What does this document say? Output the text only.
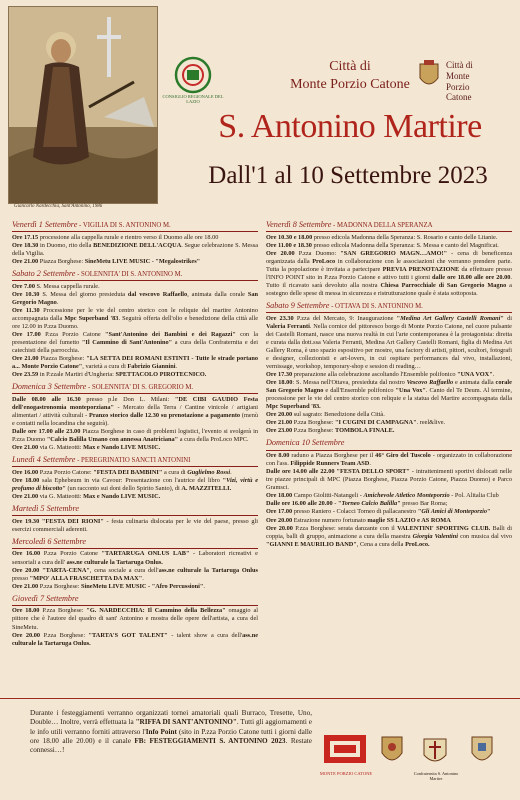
Giancarlo Nardecchia, Sant'Antonino, 1986
CONSIGLIO REGIONALE DEL LAZIO
Città di
Monte Porzio Catone
Città di
Monte
Porzio
Catone
S. Antonino Martire
Dall'1 al 10 Settembre 2023
Venerdì 1 Settembre - VIGILIA DI S. ANTONINO M.
Ore 17.15 processione alla cappella rurale e rientro verso il Duomo alle ore 18.00
Ore 18.30 in Duomo, rito della BENEDIZIONE DELL'ACQUA. Segue celebrazione S. Messa della Vigilia.
Ore 21.00 Piazza Borghese: SineMetu LIVE MUSIC - "Megalostrikes"
Sabato 2 Settembre - SOLENNITA' DI S. ANTONINO M.
Ore 7.00 S. Messa cappella rurale.
Ore 10.30 S. Messa del giorno presieduta dal vescovo Raffaello, animata dalla corale San Gregorio Magno.
Ore 11.30 Processione per le vie del centro storico con le reliquie del martire Antonino accompagnata dalla Mpc Superband '83. Seguirà offerta dell'olio e benedizione della città alle ore 12.00 in P.zza Duomo.
Ore 17.00 P.zza Porzio Catone "Sant'Antonino dei Bambini e dei Ragazzi" con la presentazione del fumetto "Il Cammino di Sant'Antonino" a cura della Confraternita e dei catechisti della parrocchia.
Ore 21.00 Piazza Borghese: "LA SETTA DEI ROMANI ESTINTI - Tutte le strade portano a... Monte Porzio Catone", varietà a cura di Fabrizio Giannini.
Ore 23.59 in P.zzale Martiri d'Ungheria: SPETTACOLO PIROTECNICO.
Domenica 3 Settembre - SOLENNITA' DI S. GREGORIO M.
Dalle 08.00 alle 16.30 presso p.le Don L. Milani: "DE CIBI GAUDIO Festa dell'enogastronomia monteporziana" - Mercato della Terra / Cantine vinicole / artigiani alimentari / attività culturali - Pranzo storico dalle 12.30 su prenotazione a pagamento (menù e contatti nella locandina che seguirà).
Dalle ore 17.00 alle 23.00 Piazza Borghese in caso di problemi logistici, l'evento si svolgerà in P.zza Duomo "Calcio Balilla Umano con annessa Anatriciana" a cura della ProLoco MPC.
Ore 21.00 via G. Matteotti: Max e Nando LIVE MUSIC.
Lunedì 4 Settembre - PEREGRINATIO SANCTI ANTONINI
Ore 16.00 P.zza Porzio Catone: "FESTA DEI BAMBINI" a cura di Guglielmo Rossi.
Ore 18.00 sala Ephebeum in via Cavour: Presentazione con l'autrice del libro "Vizi, virtù e profumo di biscotto" (un racconto sui doni dello Spirito Santo), di A. MAZZITELLI.
Ore 21.00 via G. Matteotti: Max e Nando LIVE MUSIC.
Martedì 5 Settembre
Ore 19.30 "FESTA DEI RIONI" - festa culinaria dislocata per le vie del paese, presso gli esercizi commerciali aderenti.
Mercoledì 6 Settembre
Ore 16.00 P.zza Porzio Catone "TARTARUGA ONLUS LAB" - Laboratori ricreativi e sensoriali a cura dell' ass.ne culturale la Tartaruga Onlus.
Ore 20.00 "TARTA-CENA", cena sociale a cura dell'ass.ne culturale la Tartaruga Onlus presso "MPO' ALLA FRASCHETTA DA MAX".
Ore 21.00 P.zza Borghese: SineMetu LIVE MUSIC - "Afro Percussioni".
Giovedì 7 Settembre
Ore 18.00 P.zza Borghese: "G. NARDECCHIA: Il Cammino della Bellezza" omaggio al pittore che è l'autore del quadro di sant' Antonino e mostra delle opere dell'artista, a cura del SineMetu.
Ore 20.00 P.zza Borghese: "TARTA'S GOT TALENT" - talent show a cura dell'ass.ne culturale la Tartaruga Onlus.
Venerdì 8 Settembre - MADONNA DELLA SPERANZA
Ore 10.30 e 18.00 presso edicola Madonna della Speranza: S. Rosario e canto delle Litanie.
Ore 11.00 e 18.30 presso edicola Madonna della Speranza: S. Messa e canto del Magnificat.
Ore 20.00 P.zza Duomo: "SAN GREGORIO MAGN…AMO!" - cena di beneficenza organizzata dalla ProLoco in collaborazione con le associazioni che vorranno prendere parte. Tutta la popolazione è invitata a partecipare PREVIA PRENOTAZIONE da effettuare presso l'INFO POINT sito in P.zza Porzio Catone e attivo tutti i giorni dalle ore 18.00 alle ore 20.00. Tutto il ricavato sarà devoluto alla nostra Chiesa Parrocchiale di San Gregorio Magno a sostegno delle spese di messa in sicurezza e ristrutturazione quale è stata sottoposta.
Sabato 9 Settembre - OTTAVA DI S. ANTONINO M.
Ore 23.30 P.zza del Mercato, 9: Inaugurazione "Medina Art Gallery Castelli Romani" di Valeria Ferranti. Nella cornice del pittoresco borgo di Monte Porzio Catone, nel cuore pulsante dei Castelli Romani, nasce una nuova realtà in cui l'arte contemporanea è la protagonista: diretta e curata dalla dott.ssa Valeria Ferranti, Medina Art Gallery Castelli Romani, figlia di Medina Art Gallery Roma, è uno spazio espositivo per mostre, una factory di artisti, pittori, scultori, fotografi e designer, collezionisti e art-lovers, in cui ospitare performances dal vivo, installazioni, vernissage, workshop, temporary-shop e session di reading…
Ore 17.30 preparazione alla celebrazione ascoltando l'Ensemble polifonico "UNA VOX".
Ore 18.00: S. Messa nell'Ottava, presieduta dal nostro Vescovo Raffaello e animata dalla corale San Gregorio Magno e dall'Ensemble polifonico "Una Vox". Canto del Te Deum. Al termine, processione per le vie del centro storico con reliquie e la statua del Martire accompagnata dalla Mpc Superband '83.
Ore 20.00 sul sagrato: Benedizione della Città.
Ore 21.00 P.zza Borghese: "I CUGINI DI CAMPAGNA". reel&live.
Ore 23.00 P.zza Borghese: TOMBOLA FINALE.
Domenica 10 Settembre
Ore 8.00 raduno a Piazza Borghese per il 46° Giro del Tuscolo - organizzato in collaborazione con l'ass. Filippide Runners Team ASD.
Dalle ore 14.00 alle 22.00 "FESTA DELLO SPORT" - intrattenimenti sportivi dislocati nelle tre piazze principali di MPC (Piazza Borghese, Piazza Porzio Catone, Piazza Duomo) e Parco Gramsci.
Ore 18.00 Campo Giolitti-Natangeli - Amichevole Atletico Monteporzio - Pol. Alitalia Club
Dalle ore 16.00 alle 20.00 - "Torneo Calcio Balilla" presso Bar Roma;
Ore 17.00 presso Raniero - Colacci Torneo di pallacanestro "Gli Amici di Monteporzio"
Ore 20.00 Estrazione numero fortunato maglie SS LAZIO e AS ROMA
Ore 20.00 P.zza Borghese: serata danzante con il VALENTINI' SPORTING CLUB. Balli di coppia, balli di gruppo, animazione a cura della maestra Giorgia Valentini con musica dal vivo "GIANNI E MAURILIO BAND", Cena a cura della ProLoco.
Durante i festeggiamenti verranno organizzati tornei amatoriali quali Burraco, Tresette, Uno, Double… Inoltre, verrà effettuata la "RIFFA DI SANT'ANTONINO". Tutti gli aggiornamenti e le info utili verranno forniti attraverso l'Info Point (sito in P.zza Porzio Catone tutti i giorni dalle ore 18.00 alle 20.00) e il canale FB: FESTEGGIAMENTI S. ANTONINO 2023. Restate connessi…!
MONTE PORZIO CATONE	Confraternita S. Antonino Martire
